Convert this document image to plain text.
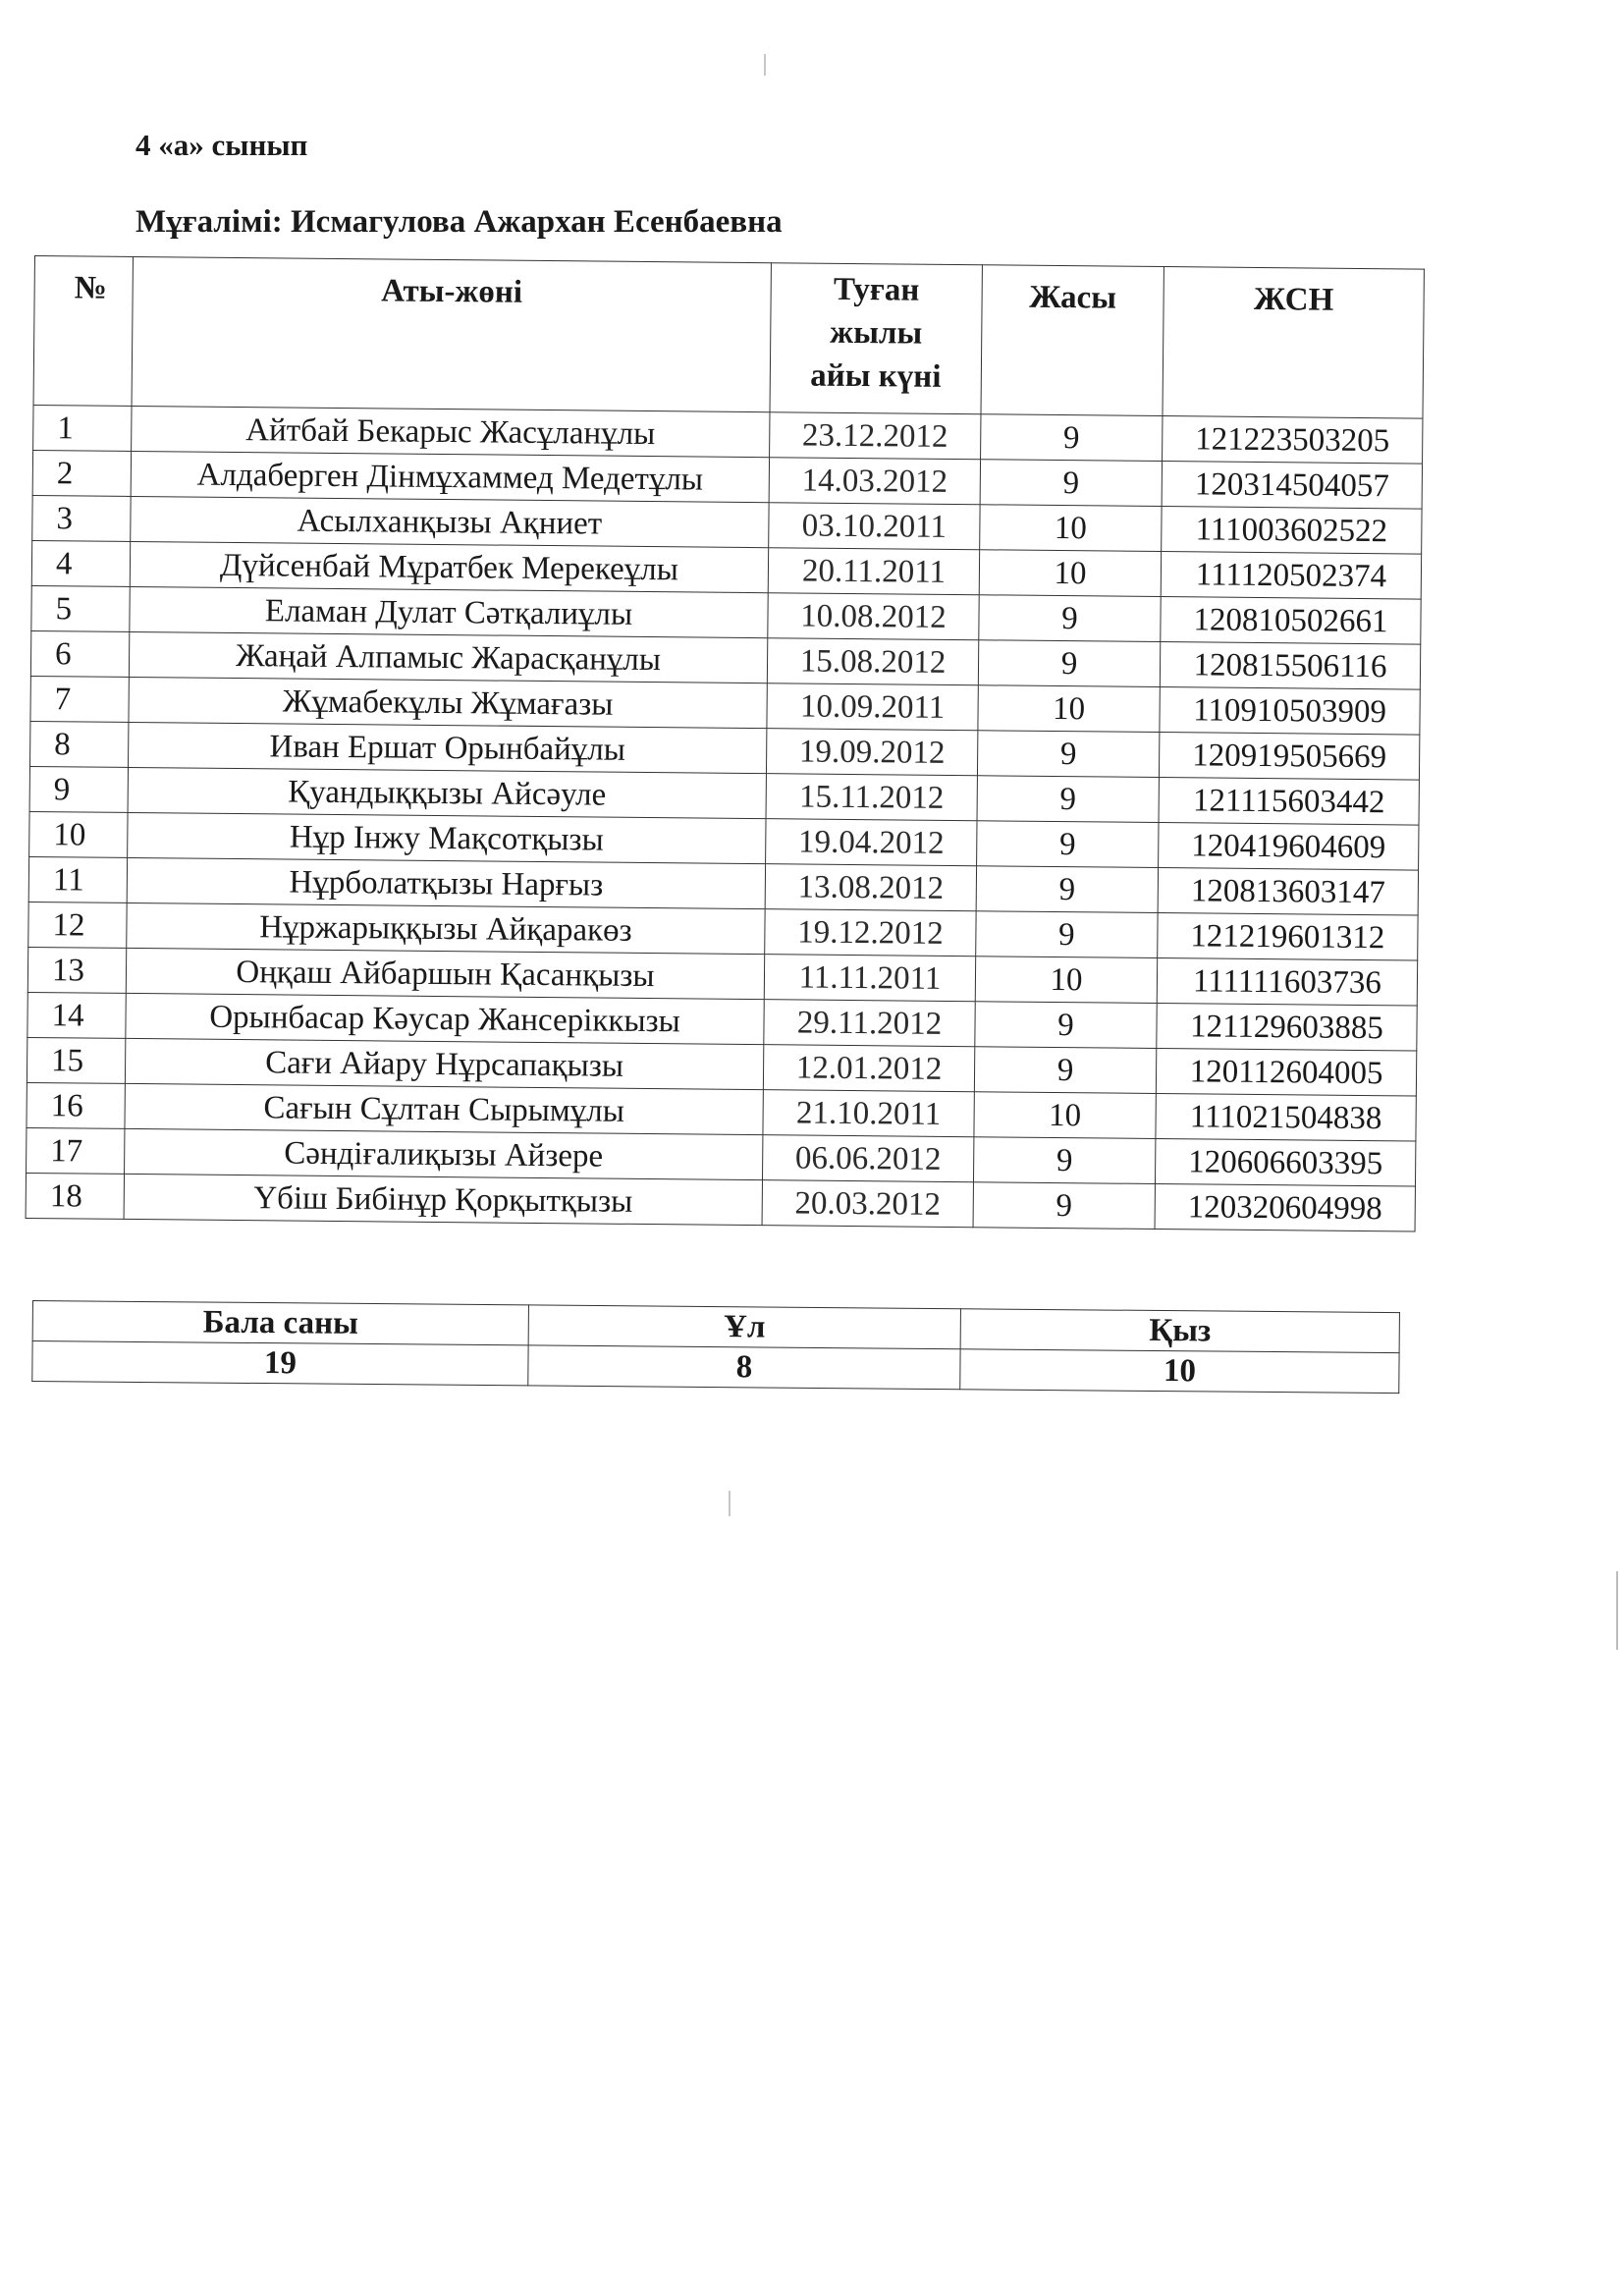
4 «а» сынып

Мұғалімі: Исмагулова Ажархан Есенбаевна

№	Аты-жөні	Туған
жылы
айы күні	Жасы	ЖСН
1	Айтбай Бекарыс Жасұланұлы	23.12.2012	9	121223503205
2	Алдаберген Дінмұхаммед Медетұлы	14.03.2012	9	120314504057
3	Асылханқызы Ақниет	03.10.2011	10	111003602522
4	Дүйсенбай Мұратбек Мерекеұлы	20.11.2011	10	111120502374
5	Еламан Дулат Сәтқалиұлы	10.08.2012	9	120810502661
6	Жаңай Алпамыс Жарасқанұлы	15.08.2012	9	120815506116
7	Жұмабекұлы Жұмағазы	10.09.2011	10	110910503909
8	Иван Ершат Орынбайұлы	19.09.2012	9	120919505669
9	Қуандыққызы Айсәуле	15.11.2012	9	121115603442
10	Нұр Інжу Мақсотқызы	19.04.2012	9	120419604609
11	Нұрболатқызы Нарғыз	13.08.2012	9	120813603147
12	Нұржарыққызы Айқаракөз	19.12.2012	9	121219601312
13	Оңқаш Айбаршын Қасанқызы	11.11.2011	10	111111603736
14	Орынбасар Кәусар Жансеріккызы	29.11.2012	9	121129603885
15	Сағи Айару Нұрсапақызы	12.01.2012	9	120112604005
16	Сағын Сұлтан Сырымұлы	21.10.2011	10	111021504838
17	Сәндіғалиқызы Айзере	06.06.2012	9	120606603395
18	Үбіш Бибінұр Қорқытқызы	20.03.2012	9	120320604998
Бала саны	Ұл	Қыз
19	8	10
